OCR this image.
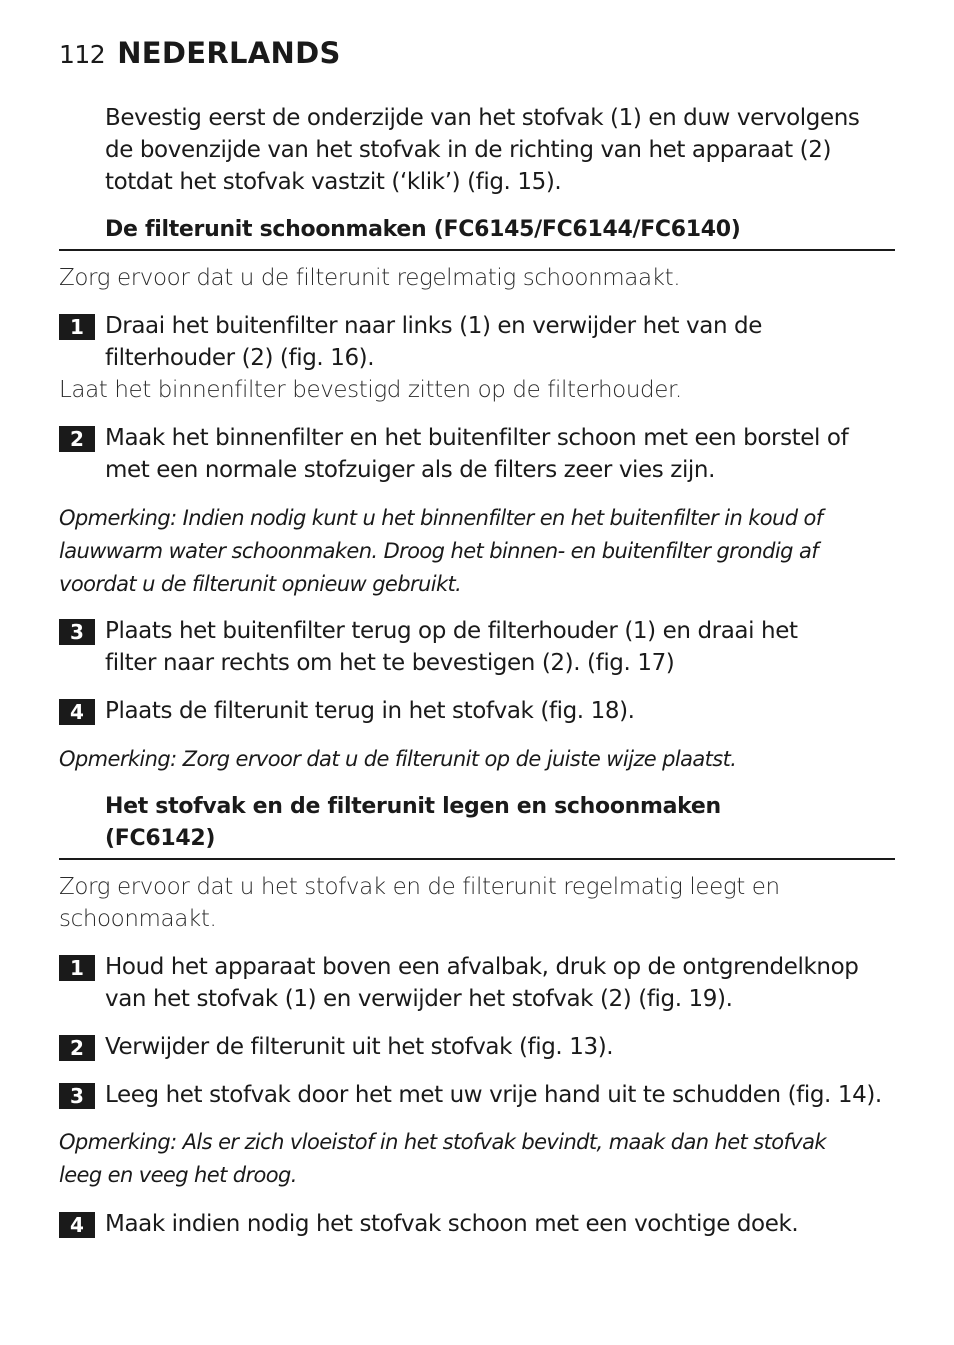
112 NEDERLANDS
Bevestig eerst de onderzijde van het stofvak (1) en duw vervolgens
de bovenzijde van het stofvak in de richting van het apparaat (2)
totdat het stofvak vastzit (‘klik’) (fig. 15).
De filterunit schoonmaken (FC6145/FC6144/FC6140)
Zorg ervoor dat u de filterunit regelmatig schoonmaakt.
1 Draai het buitenfilter naar links (1) en verwijder het van de
filterhouder (2) (fig. 16).
Laat het binnenfilter bevestigd zitten op de filterhouder.
2 Maak het binnenfilter en het buitenfilter schoon met een borstel of
met een normale stofzuiger als de filters zeer vies zijn.
Opmerking: Indien nodig kunt u het binnenfilter en het buitenfilter in koud of
lauwwarm water schoonmaken. Droog het binnen- en buitenfilter grondig af
voordat u de filterunit opnieuw gebruikt.
3 Plaats het buitenfilter terug op de filterhouder (1) en draai het
filter naar rechts om het te bevestigen (2). (fig. 17)
4 Plaats de filterunit terug in het stofvak (fig. 18).
Opmerking: Zorg ervoor dat u de filterunit op de juiste wijze plaatst.
Het stofvak en de filterunit legen en schoonmaken
(FC6142)
Zorg ervoor dat u het stofvak en de filterunit regelmatig leegt en
schoonmaakt.
1 Houd het apparaat boven een afvalbak, druk op de ontgrendelknop
van het stofvak (1) en verwijder het stofvak (2) (fig. 19).
2 Verwijder de filterunit uit het stofvak (fig. 13).
3 Leeg het stofvak door het met uw vrije hand uit te schudden (fig. 14).
Opmerking: Als er zich vloeistof in het stofvak bevindt, maak dan het stofvak
leeg en veeg het droog.
4 Maak indien nodig het stofvak schoon met een vochtige doek.
